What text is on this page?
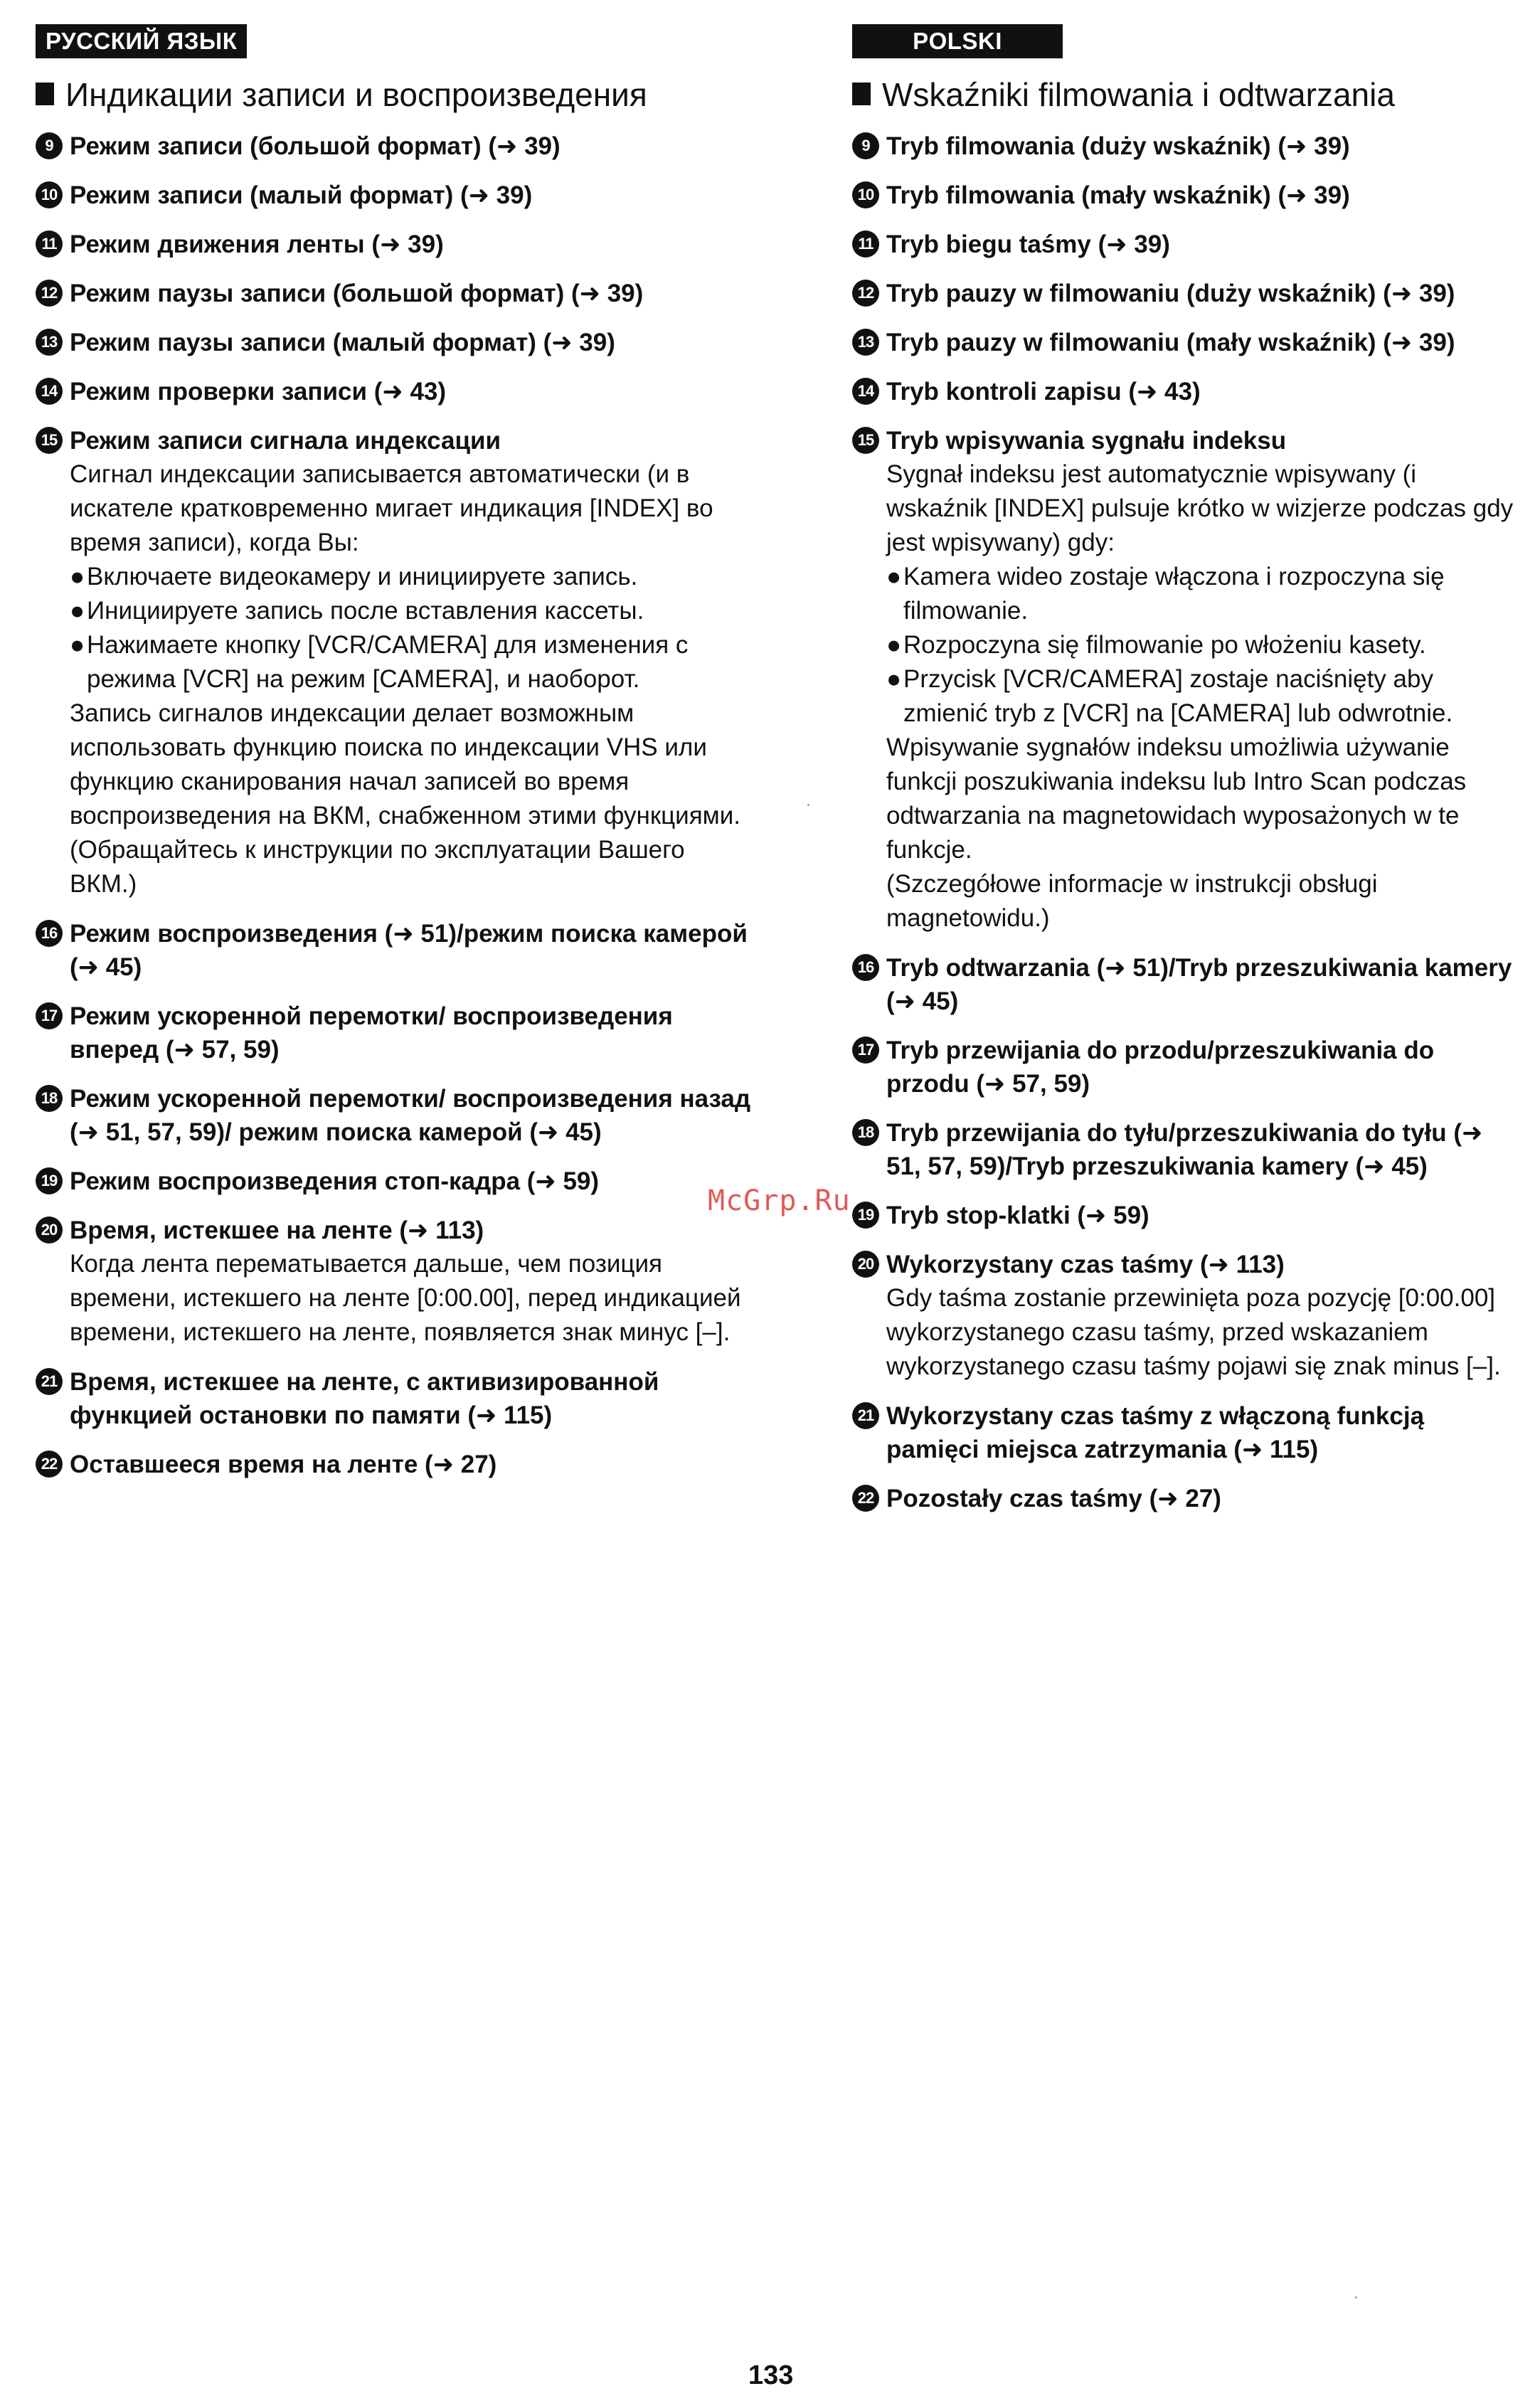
РУССКИЙ ЯЗЫК
Индикации записи и воспроизведения
9 Режим записи (большой формат) (➜ 39)
10 Режим записи (малый формат) (➜ 39)
11 Режим движения ленты (➜ 39)
12 Режим паузы записи (большой формат) (➜ 39)
13 Режим паузы записи (малый формат) (➜ 39)
14 Режим проверки записи (➜ 43)
15 Режим записи сигнала индексации
Сигнал индексации записывается автоматически (и в искателе кратковременно мигает индикация [INDEX] во время записи), когда Вы:
● Включаете видеокамеру и инициируете запись.
● Инициируете запись после вставления кассеты.
● Нажимаете кнопку [VCR/CAMERA] для изменения с режима [VCR] на режим [CAMERA], и наоборот.
Запись сигналов индексации делает возможным использовать функцию поиска по индексации VHS или функцию сканирования начал записей во время воспроизведения на ВКМ, снабженном этими функциями.
(Обращайтесь к инструкции по эксплуатации Вашего ВКМ.)
16 Режим воспроизведения (➜ 51)/режим поиска камерой (➜ 45)
17 Режим ускоренной перемотки/ воспроизведения вперед (➜ 57, 59)
18 Режим ускоренной перемотки/ воспроизведения назад (➜ 51, 57, 59)/ режим поиска камерой (➜ 45)
19 Режим воспроизведения стоп-кадра (➜ 59)
20 Время, истекшее на ленте (➜ 113)
Когда лента перематывается дальше, чем позиция времени, истекшего на ленте [0:00.00], перед индикацией времени, истекшего на ленте, появляется знак минус [–].
21 Время, истекшее на ленте, с активизированной функцией остановки по памяти (➜ 115)
22 Оставшееся время на ленте (➜ 27)
POLSKI
Wskaźniki filmowania i odtwarzania
9 Tryb filmowania (duży wskaźnik) (➜ 39)
10 Tryb filmowania (mały wskaźnik) (➜ 39)
11 Tryb biegu taśmy (➜ 39)
12 Tryb pauzy w filmowaniu (duży wskaźnik) (➜ 39)
13 Tryb pauzy w filmowaniu (mały wskaźnik) (➜ 39)
14 Tryb kontroli zapisu (➜ 43)
15 Tryb wpisywania sygnału indeksu
Sygnał indeksu jest automatycznie wpisywany (i wskaźnik [INDEX] pulsuje krótko w wizjerze podczas gdy jest wpisywany) gdy:
● Kamera wideo zostaje włączona i rozpoczyna się filmowanie.
● Rozpoczyna się filmowanie po włożeniu kasety.
● Przycisk [VCR/CAMERA] zostaje naciśnięty aby zmienić tryb z [VCR] na [CAMERA] lub odwrotnie.
Wpisywanie sygnałów indeksu umożliwia używanie funkcji poszukiwania indeksu lub Intro Scan podczas odtwarzania na magnetowidach wyposażonych w te funkcje.
(Szczegółowe informacje w instrukcji obsługi magnetowidu.)
16 Tryb odtwarzania (➜ 51)/Tryb przeszukiwania kamery (➜ 45)
17 Tryb przewijania do przodu/przeszukiwania do przodu (➜ 57, 59)
18 Tryb przewijania do tyłu/przeszukiwania do tyłu (➜ 51, 57, 59)/Tryb przeszukiwania kamery (➜ 45)
19 Tryb stop-klatki (➜ 59)
20 Wykorzystany czas taśmy (➜ 113)
Gdy taśma zostanie przewinięta poza pozycję [0:00.00] wykorzystanego czasu taśmy, przed wskazaniem wykorzystanego czasu taśmy pojawi się znak minus [–].
21 Wykorzystany czas taśmy z włączoną funkcją pamięci miejsca zatrzymania (➜ 115)
22 Pozostały czas taśmy (➜ 27)
McGrp.Ru
133
